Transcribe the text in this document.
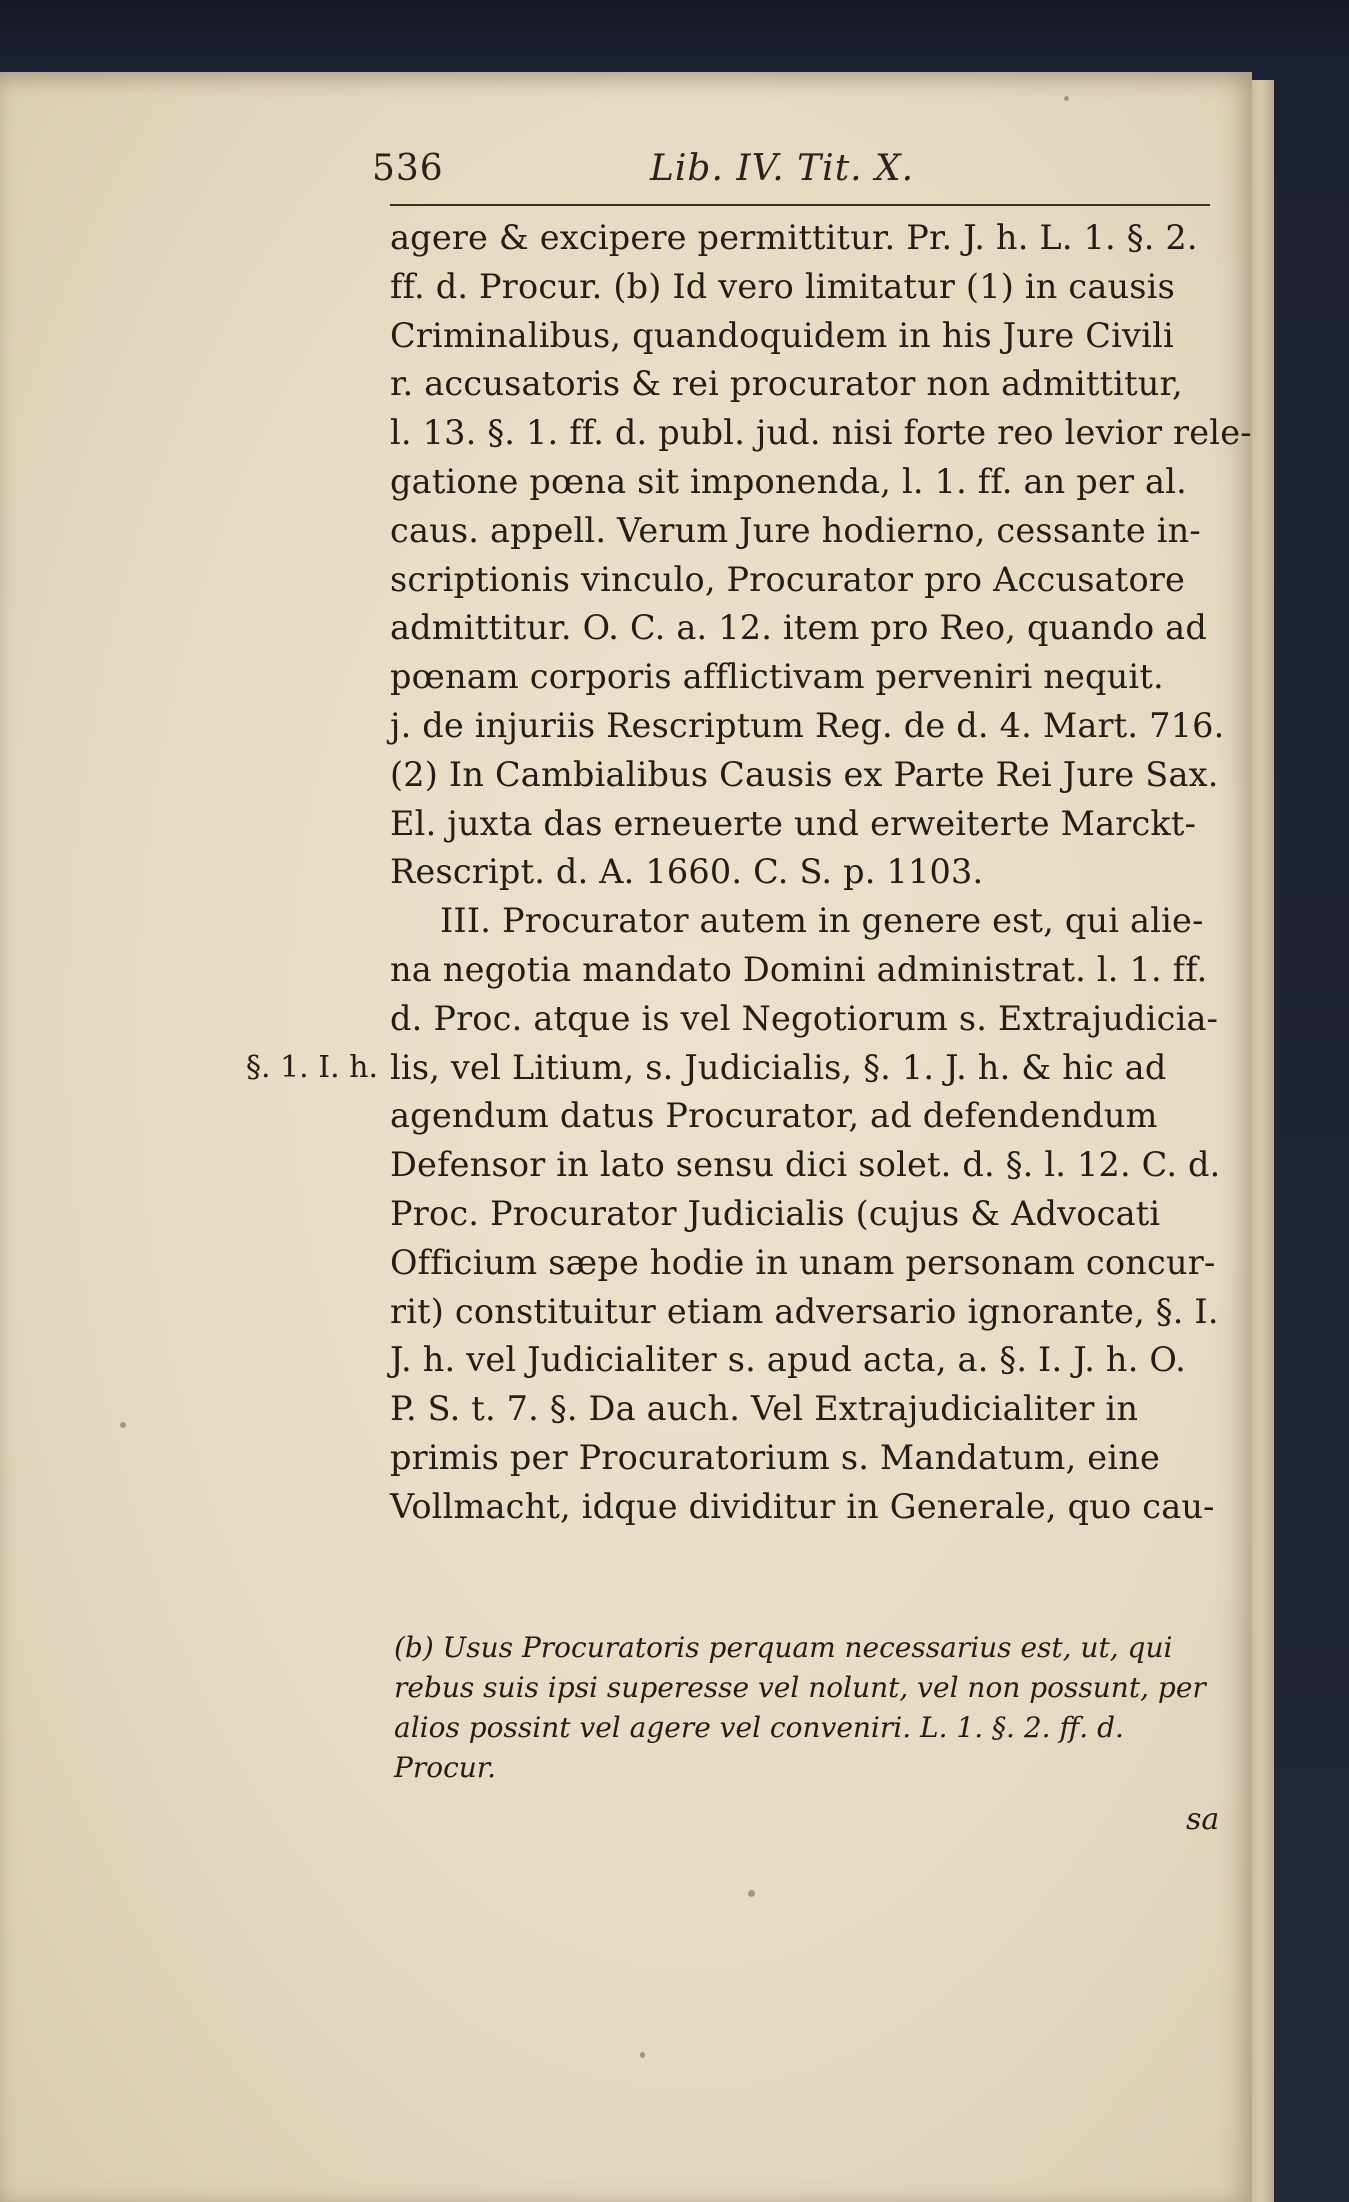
536	Lib. IV. Tit. X.
agere & excipere permittitur. Pr. J. h. L. 1. §. 2.
ff. d. Procur. (b) Id vero limitatur (1) in causis
Criminalibus, quandoquidem in his Jure Civili
r. accusatoris & rei procurator non admittitur,
l. 13. §. 1. ff. d. publ. jud. nisi forte reo levior rele-
gatione pœna sit imponenda, l. 1. ff. an per al.
caus. appell. Verum Jure hodierno, cessante in-
scriptionis vinculo, Procurator pro Accusatore
admittitur. O. C. a. 12. item pro Reo, quando ad
pœnam corporis afflictivam perveniri nequit.
j. de injuriis Rescriptum Reg. de d. 4. Mart. 716.
(2) In Cambialibus Causis ex Parte Rei Jure Sax.
El. juxta das erneuerte und erweiterte Marckt-
Rescript. d. A. 1660. C. S. p. 1103.
III. Procurator autem in genere est, qui alie-
na negotia mandato Domini administrat. l. 1. ff.
d. Proc. atque is vel Negotiorum s. Extrajudicia-
lis, vel Litium, s. Judicialis, §. 1. J. h. & hic ad
agendum datus Procurator, ad defendendum
Defensor in lato sensu dici solet. d. §. l. 12. C. d.
Proc. Procurator Judicialis (cujus & Advocati
Officium sæpe hodie in unam personam concur-
rit) constituitur etiam adversario ignorante, §. I.
J. h. vel Judicialiter s. apud acta, a. §. I. J. h. O.
P. S. t. 7. §. Da auch. Vel Extrajudicialiter in
primis per Procuratorium s. Mandatum, eine
Vollmacht, idque dividitur in Generale, quo cau-
§. 1. I. h.
(b) Usus Procuratoris perquam necessarius est, ut, qui
rebus suis ipsi superesse vel nolunt, vel non possunt, per
alios possint vel agere vel conveniri. L. 1. §. 2. ff. d.
Procur.
sa
